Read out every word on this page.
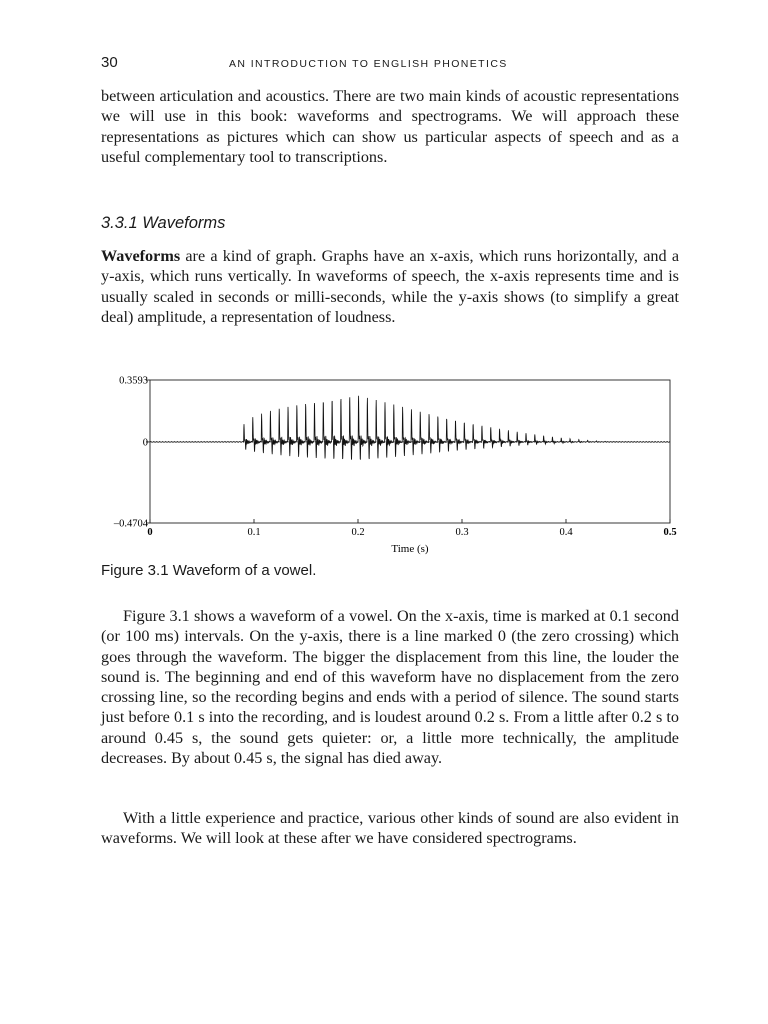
30	AN INTRODUCTION TO ENGLISH PHONETICS

between articulation and acoustics. There are two main kinds of acoustic representations we will use in this book: waveforms and spectrograms. We will approach these representations as pictures which can show us particular aspects of speech and as a useful complementary tool to transcriptions.

3.3.1 Waveforms

Waveforms are a kind of graph. Graphs have an x-axis, which runs horizontally, and a y-axis, which runs vertically. In waveforms of speech, the x-axis represents time and is usually scaled in seconds or milli-seconds, while the y-axis shows (to simplify a great deal) amplitude, a representation of loudness.

0.3593
0
–0.4704
0	0.1	0.2	0.3	0.4	0.5
Time (s)
Figure 3.1 Waveform of a vowel.

Figure 3.1 shows a waveform of a vowel. On the x-axis, time is marked at 0.1 second (or 100 ms) intervals. On the y-axis, there is a line marked 0 (the zero crossing) which goes through the waveform. The bigger the displacement from this line, the louder the sound is. The beginning and end of this waveform have no displacement from the zero crossing line, so the recording begins and ends with a period of silence. The sound starts just before 0.1 s into the recording, and is loudest around 0.2 s. From a little after 0.2 s to around 0.45 s, the sound gets quieter: or, a little more technically, the amplitude decreases. By about 0.45 s, the signal has died away.

With a little experience and practice, various other kinds of sound are also evident in waveforms. We will look at these after we have considered spectrograms.
